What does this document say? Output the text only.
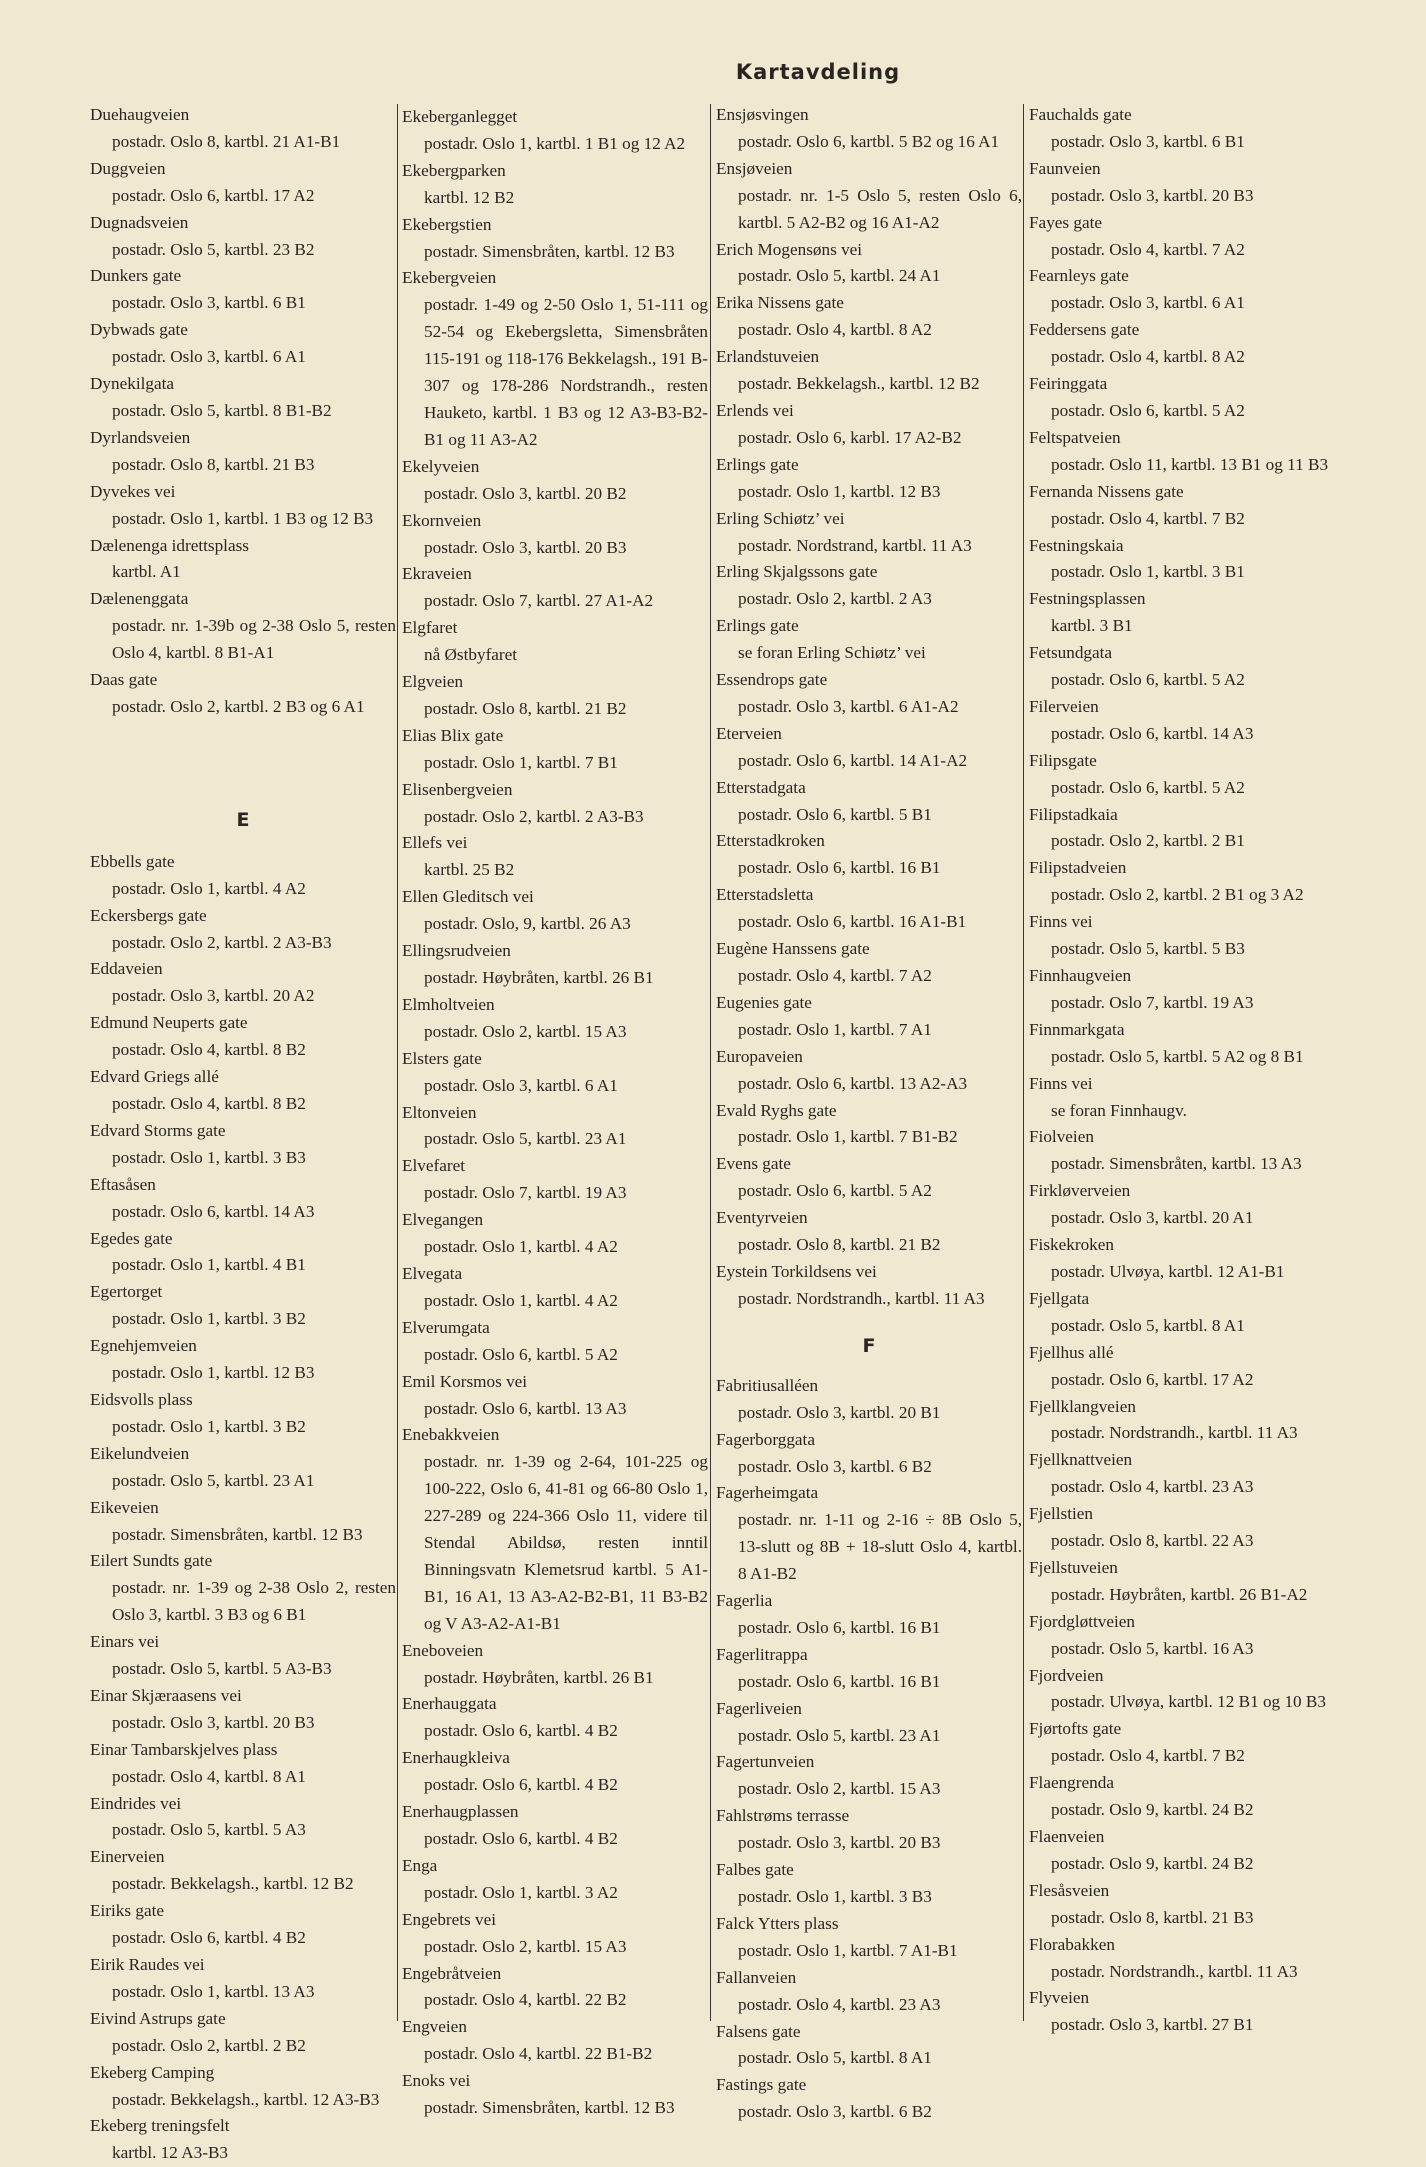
Kartavdeling
Duehaugveien
postadr. Oslo 8, kartbl. 21 A1-B1
Duggveien
postadr. Oslo 6, kartbl. 17 A2
Dugnadsveien
postadr. Oslo 5, kartbl. 23 B2
Dunkers gate
postadr. Oslo 3, kartbl. 6 B1
Dybwads gate
postadr. Oslo 3, kartbl. 6 A1
Dynekilgata
postadr. Oslo 5, kartbl. 8 B1-B2
Dyrlandsveien
postadr. Oslo 8, kartbl. 21 B3
Dyvekes vei
postadr. Oslo 1, kartbl. 1 B3 og 12 B3
Dælenenga idrettsplass
kartbl. A1
Dælenenggata
postadr. nr. 1-39b og 2-38 Oslo 5, resten Oslo 4, kartbl. 8 B1-A1
Daas gate
postadr. Oslo 2, kartbl. 2 B3 og 6 A1
E
Ebbells gate
postadr. Oslo 1, kartbl. 4 A2
Eckersbergs gate
postadr. Oslo 2, kartbl. 2 A3-B3
Eddaveien
postadr. Oslo 3, kartbl. 20 A2
Edmund Neuperts gate
postadr. Oslo 4, kartbl. 8 B2
Edvard Griegs allé
postadr. Oslo 4, kartbl. 8 B2
Edvard Storms gate
postadr. Oslo 1, kartbl. 3 B3
Eftasåsen
postadr. Oslo 6, kartbl. 14 A3
Egedes gate
postadr. Oslo 1, kartbl. 4 B1
Egertorget
postadr. Oslo 1, kartbl. 3 B2
Egnehjemveien
postadr. Oslo 1, kartbl. 12 B3
Eidsvolls plass
postadr. Oslo 1, kartbl. 3 B2
Eikelundveien
postadr. Oslo 5, kartbl. 23 A1
Eikeveien
postadr. Simensbråten, kartbl. 12 B3
Eilert Sundts gate
postadr. nr. 1-39 og 2-38 Oslo 2, resten Oslo 3, kartbl. 3 B3 og 6 B1
Einars vei
postadr. Oslo 5, kartbl. 5 A3-B3
Einar Skjæraasens vei
postadr. Oslo 3, kartbl. 20 B3
Einar Tambarskjelves plass
postadr. Oslo 4, kartbl. 8 A1
Eindrides vei
postadr. Oslo 5, kartbl. 5 A3
Einerveien
postadr. Bekkelagsh., kartbl. 12 B2
Eiriks gate
postadr. Oslo 6, kartbl. 4 B2
Eirik Raudes vei
postadr. Oslo 1, kartbl. 13 A3
Eivind Astrups gate
postadr. Oslo 2, kartbl. 2 B2
Ekeberg Camping
postadr. Bekkelagsh., kartbl. 12 A3-B3
Ekeberg treningsfelt
kartbl. 12 A3-B3
Ekeberganlegget
postadr. Oslo 1, kartbl. 1 B1 og 12 A2
Ekebergparken
kartbl. 12 B2
Ekebergstien
postadr. Simensbråten, kartbl. 12 B3
Ekebergveien
postadr. 1-49 og 2-50 Oslo 1, 51-111 og 52-54 og Ekebergsletta, Simensbråten 115-191 og 118-176 Bekkelagsh., 191 B-307 og 178-286 Nordstrandh., resten Hauketo, kartbl. 1 B3 og 12 A3-B3-B2-B1 og 11 A3-A2
Ekelyveien
postadr. Oslo 3, kartbl. 20 B2
Ekornveien
postadr. Oslo 3, kartbl. 20 B3
Ekraveien
postadr. Oslo 7, kartbl. 27 A1-A2
Elgfaret
nå Østbyfaret
Elgveien
postadr. Oslo 8, kartbl. 21 B2
Elias Blix gate
postadr. Oslo 1, kartbl. 7 B1
Elisenbergveien
postadr. Oslo 2, kartbl. 2 A3-B3
Ellefs vei
kartbl. 25 B2
Ellen Gleditsch vei
postadr. Oslo, 9, kartbl. 26 A3
Ellingsrudveien
postadr. Høybråten, kartbl. 26 B1
Elmholtveien
postadr. Oslo 2, kartbl. 15 A3
Elsters gate
postadr. Oslo 3, kartbl. 6 A1
Eltonveien
postadr. Oslo 5, kartbl. 23 A1
Elvefaret
postadr. Oslo 7, kartbl. 19 A3
Elvegangen
postadr. Oslo 1, kartbl. 4 A2
Elvegata
postadr. Oslo 1, kartbl. 4 A2
Elverumgata
postadr. Oslo 6, kartbl. 5 A2
Emil Korsmos vei
postadr. Oslo 6, kartbl. 13 A3
Enebakkveien
postadr. nr. 1-39 og 2-64, 101-225 og 100-222, Oslo 6, 41-81 og 66-80 Oslo 1, 227-289 og 224-366 Oslo 11, videre til Stendal Abildsø, resten inntil Binningsvatn Klemetsrud kartbl. 5 A1-B1, 16 A1, 13 A3-A2-B2-B1, 11 B3-B2 og V A3-A2-A1-B1
Eneboveien
postadr. Høybråten, kartbl. 26 B1
Enerhauggata
postadr. Oslo 6, kartbl. 4 B2
Enerhaugkleiva
postadr. Oslo 6, kartbl. 4 B2
Enerhaugplassen
postadr. Oslo 6, kartbl. 4 B2
Enga
postadr. Oslo 1, kartbl. 3 A2
Engebrets vei
postadr. Oslo 2, kartbl. 15 A3
Engebråtveien
postadr. Oslo 4, kartbl. 22 B2
Engveien
postadr. Oslo 4, kartbl. 22 B1-B2
Enoks vei
postadr. Simensbråten, kartbl. 12 B3
Ensjøsvingen
postadr. Oslo 6, kartbl. 5 B2 og 16 A1
Ensjøveien
postadr. nr. 1-5 Oslo 5, resten Oslo 6, kartbl. 5 A2-B2 og 16 A1-A2
Erich Mogensøns vei
postadr. Oslo 5, kartbl. 24 A1
Erika Nissens gate
postadr. Oslo 4, kartbl. 8 A2
Erlandstuveien
postadr. Bekkelagsh., kartbl. 12 B2
Erlends vei
postadr. Oslo 6, karbl. 17 A2-B2
Erlings gate
postadr. Oslo 1, kartbl. 12 B3
Erling Schiøtz’ vei
postadr. Nordstrand, kartbl. 11 A3
Erling Skjalgssons gate
postadr. Oslo 2, kartbl. 2 A3
Erlings gate
se foran Erling Schiøtz’ vei
Essendrops gate
postadr. Oslo 3, kartbl. 6 A1-A2
Eterveien
postadr. Oslo 6, kartbl. 14 A1-A2
Etterstadgata
postadr. Oslo 6, kartbl. 5 B1
Etterstadkroken
postadr. Oslo 6, kartbl. 16 B1
Etterstadsletta
postadr. Oslo 6, kartbl. 16 A1-B1
Eugène Hanssens gate
postadr. Oslo 4, kartbl. 7 A2
Eugenies gate
postadr. Oslo 1, kartbl. 7 A1
Europaveien
postadr. Oslo 6, kartbl. 13 A2-A3
Evald Ryghs gate
postadr. Oslo 1, kartbl. 7 B1-B2
Evens gate
postadr. Oslo 6, kartbl. 5 A2
Eventyrveien
postadr. Oslo 8, kartbl. 21 B2
Eystein Torkildsens vei
postadr. Nordstrandh., kartbl. 11 A3
F
Fabritiusalléen
postadr. Oslo 3, kartbl. 20 B1
Fagerborggata
postadr. Oslo 3, kartbl. 6 B2
Fagerheimgata
postadr. nr. 1-11 og 2-16 ÷ 8B Oslo 5, 13-slutt og 8B + 18-slutt Oslo 4, kartbl. 8 A1-B2
Fagerlia
postadr. Oslo 6, kartbl. 16 B1
Fagerlitrappa
postadr. Oslo 6, kartbl. 16 B1
Fagerliveien
postadr. Oslo 5, kartbl. 23 A1
Fagertunveien
postadr. Oslo 2, kartbl. 15 A3
Fahlstrøms terrasse
postadr. Oslo 3, kartbl. 20 B3
Falbes gate
postadr. Oslo 1, kartbl. 3 B3
Falck Ytters plass
postadr. Oslo 1, kartbl. 7 A1-B1
Fallanveien
postadr. Oslo 4, kartbl. 23 A3
Falsens gate
postadr. Oslo 5, kartbl. 8 A1
Fastings gate
postadr. Oslo 3, kartbl. 6 B2
Fauchalds gate
postadr. Oslo 3, kartbl. 6 B1
Faunveien
postadr. Oslo 3, kartbl. 20 B3
Fayes gate
postadr. Oslo 4, kartbl. 7 A2
Fearnleys gate
postadr. Oslo 3, kartbl. 6 A1
Feddersens gate
postadr. Oslo 4, kartbl. 8 A2
Feiringgata
postadr. Oslo 6, kartbl. 5 A2
Feltspatveien
postadr. Oslo 11, kartbl. 13 B1 og 11 B3
Fernanda Nissens gate
postadr. Oslo 4, kartbl. 7 B2
Festningskaia
postadr. Oslo 1, kartbl. 3 B1
Festningsplassen
kartbl. 3 B1
Fetsundgata
postadr. Oslo 6, kartbl. 5 A2
Filerveien
postadr. Oslo 6, kartbl. 14 A3
Filipsgate
postadr. Oslo 6, kartbl. 5 A2
Filipstadkaia
postadr. Oslo 2, kartbl. 2 B1
Filipstadveien
postadr. Oslo 2, kartbl. 2 B1 og 3 A2
Finns vei
postadr. Oslo 5, kartbl. 5 B3
Finnhaugveien
postadr. Oslo 7, kartbl. 19 A3
Finnmarkgata
postadr. Oslo 5, kartbl. 5 A2 og 8 B1
Finns vei
se foran Finnhaugv.
Fiolveien
postadr. Simensbråten, kartbl. 13 A3
Firkløverveien
postadr. Oslo 3, kartbl. 20 A1
Fiskekroken
postadr. Ulvøya, kartbl. 12 A1-B1
Fjellgata
postadr. Oslo 5, kartbl. 8 A1
Fjellhus allé
postadr. Oslo 6, kartbl. 17 A2
Fjellklangveien
postadr. Nordstrandh., kartbl. 11 A3
Fjellknattveien
postadr. Oslo 4, kartbl. 23 A3
Fjellstien
postadr. Oslo 8, kartbl. 22 A3
Fjellstuveien
postadr. Høybråten, kartbl. 26 B1-A2
Fjordgløttveien
postadr. Oslo 5, kartbl. 16 A3
Fjordveien
postadr. Ulvøya, kartbl. 12 B1 og 10 B3
Fjørtofts gate
postadr. Oslo 4, kartbl. 7 B2
Flaengrenda
postadr. Oslo 9, kartbl. 24 B2
Flaenveien
postadr. Oslo 9, kartbl. 24 B2
Flesåsveien
postadr. Oslo 8, kartbl. 21 B3
Florabakken
postadr. Nordstrandh., kartbl. 11 A3
Flyveien
postadr. Oslo 3, kartbl. 27 B1
